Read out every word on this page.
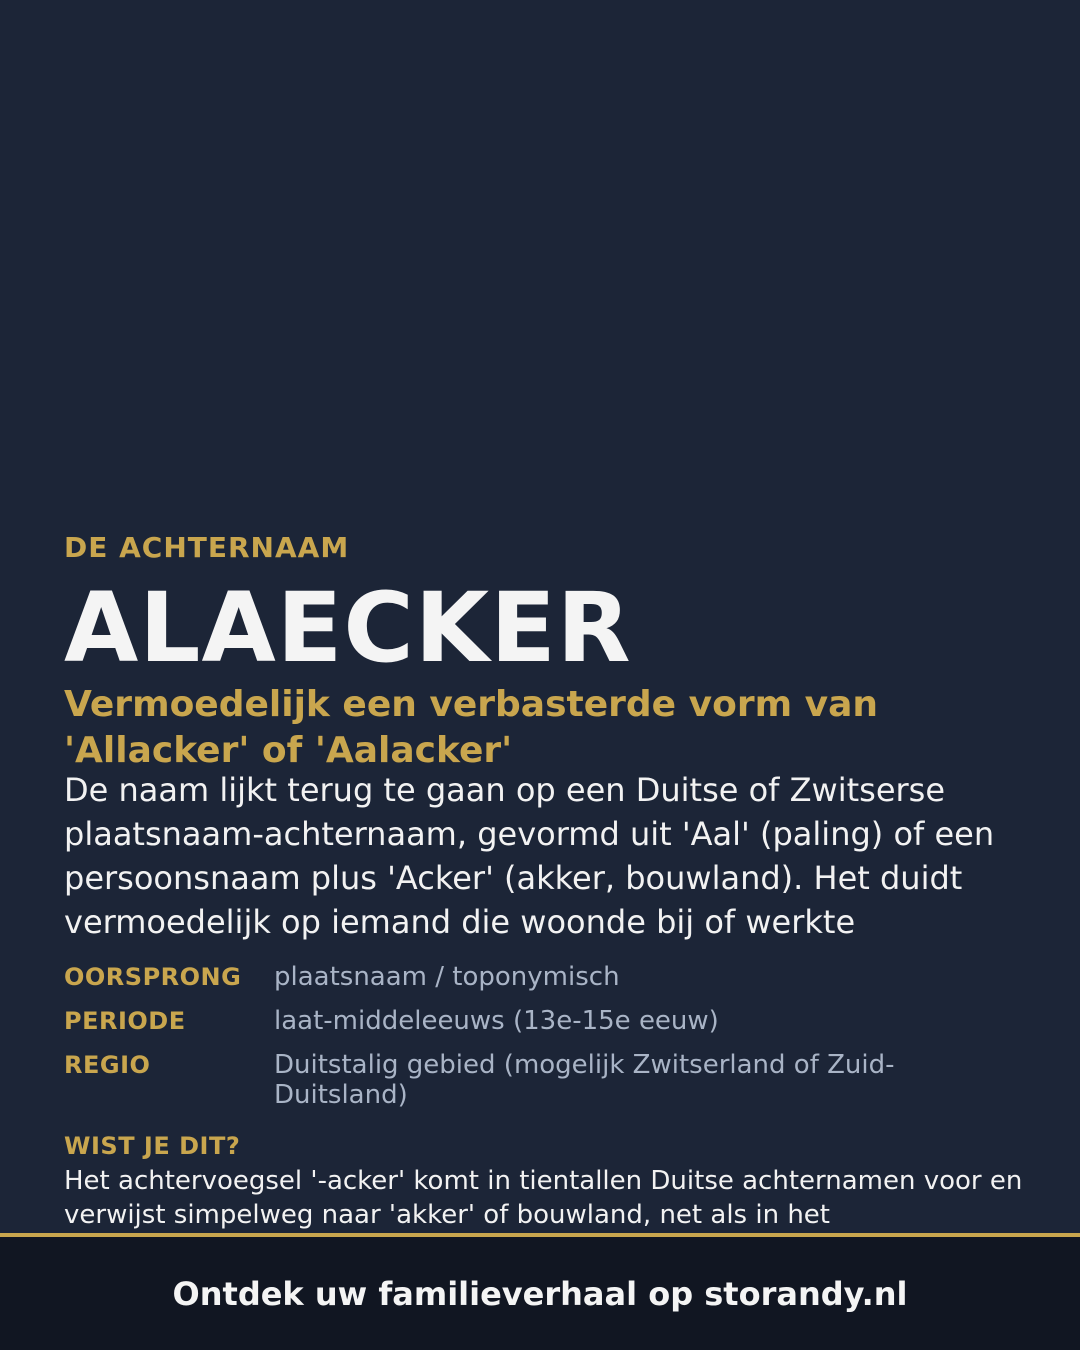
DE ACHTERNAAM
ALAECKER
Vermoedelijk een verbasterde vorm van 'Allacker' of 'Aalacker'
De naam lijkt terug te gaan op een Duitse of Zwitserse plaatsnaam-achternaam, gevormd uit 'Aal' (paling) of een persoonsnaam plus 'Acker' (akker, bouwland). Het duidt vermoedelijk op iemand die woonde bij of werkte
OORSPRONG	plaatsnaam / toponymisch
PERIODE	laat-middeleeuws (13e-15e eeuw)
REGIO	Duitstalig gebied (mogelijk Zwitserland of Zuid-Duitsland)
WIST JE DIT?
Het achtervoegsel '-acker' komt in tientallen Duitse achternamen voor en verwijst simpelweg naar 'akker' of bouwland, net als in het
Ontdek uw familieverhaal op storandy.nl
